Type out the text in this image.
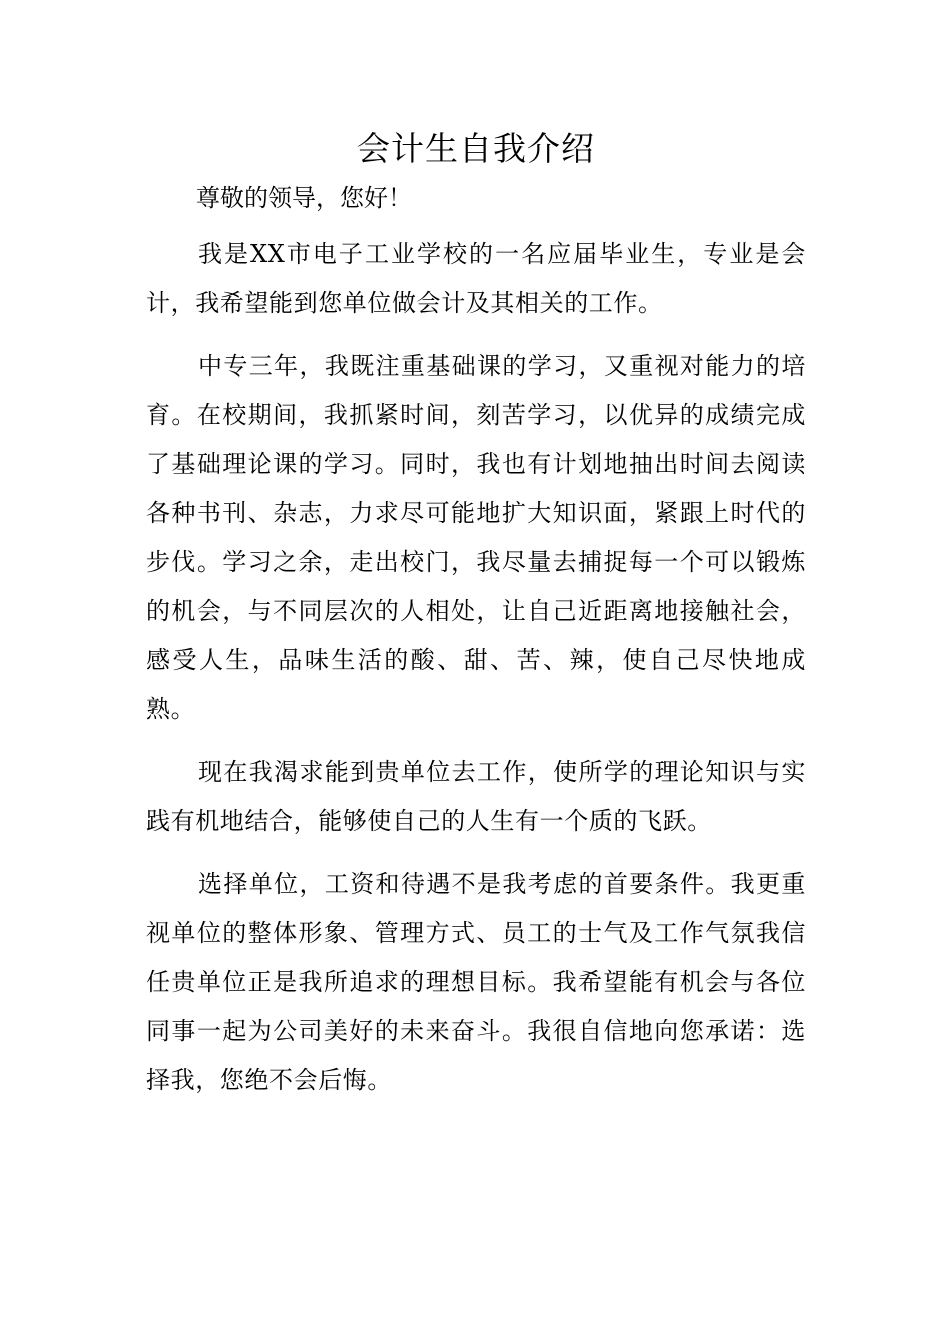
会计生自我介绍

尊敬的领导，您好！

我是XX市电子工业学校的一名应届毕业生，专业是会计，我希望能到您单位做会计及其相关的工作。

中专三年，我既注重基础课的学习，又重视对能力的培育。在校期间，我抓紧时间，刻苦学习，以优异的成绩完成了基础理论课的学习。同时，我也有计划地抽出时间去阅读各种书刊、杂志，力求尽可能地扩大知识面，紧跟上时代的步伐。学习之余，走出校门，我尽量去捕捉每一个可以锻炼的机会，与不同层次的人相处，让自己近距离地接触社会，感受人生，品味生活的酸、甜、苦、辣，使自己尽快地成熟。

现在我渴求能到贵单位去工作，使所学的理论知识与实践有机地结合，能够使自己的人生有一个质的飞跃。

选择单位，工资和待遇不是我考虑的首要条件。我更重视单位的整体形象、管理方式、员工的士气及工作气氛我信任贵单位正是我所追求的理想目标。我希望能有机会与各位同事一起为公司美好的未来奋斗。我很自信地向您承诺：选择我，您绝不会后悔。
